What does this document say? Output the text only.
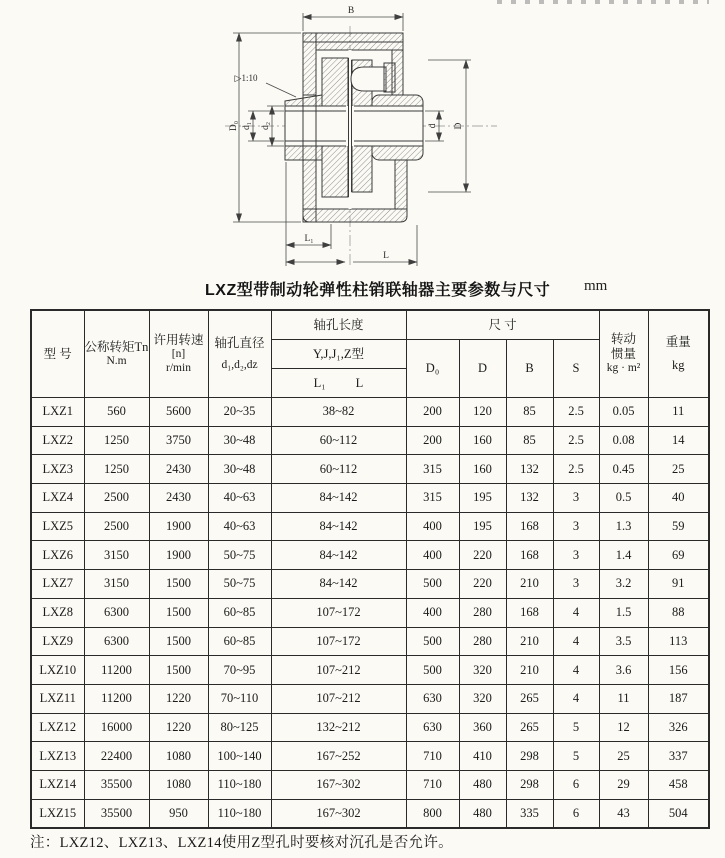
B
D₀ d₁ d₂	d D
L₁
L
▷1:10
LXZ型带制动轮弹性柱销联轴器主要参数与尺寸 mm
型 号	公称转矩Tn
N.m	许用转速
[n]
r/min	轴孔直径
d₁,d₂,dz	轴孔长度	尺 寸				转动
惯量
kg · m²	重量
kg

				Y,J,J₁,Z型	D₀	D	B	S		

				L₁ L						

LXZ1	560	5600	20~35	38~82	200	120	85	2.5	0.05	11
LXZ2	1250	3750	30~48	60~112	200	160	85	2.5	0.08	14
LXZ3	1250	2430	30~48	60~112	315	160	132	2.5	0.45	25
LXZ4	2500	2430	40~63	84~142	315	195	132	3	0.5	40
LXZ5	2500	1900	40~63	84~142	400	195	168	3	1.3	59
LXZ6	3150	1900	50~75	84~142	400	220	168	3	1.4	69
LXZ7	3150	1500	50~75	84~142	500	220	210	3	3.2	91
LXZ8	6300	1500	60~85	107~172	400	280	168	4	1.5	88
LXZ9	6300	1500	60~85	107~172	500	280	210	4	3.5	113
LXZ10	11200	1500	70~95	107~212	500	320	210	4	3.6	156
LXZ11	11200	1220	70~110	107~212	630	320	265	4	11	187
LXZ12	16000	1220	80~125	132~212	630	360	265	5	12	326
LXZ13	22400	1080	100~140	167~252	710	410	298	5	25	337
LXZ14	35500	1080	110~180	167~302	710	480	298	6	29	458
LXZ15	35500	950	110~180	167~302	800	480	335	6	43	504
注：LXZ12、LXZ13、LXZ14使用Z型孔时要核对沉孔是否允许。
